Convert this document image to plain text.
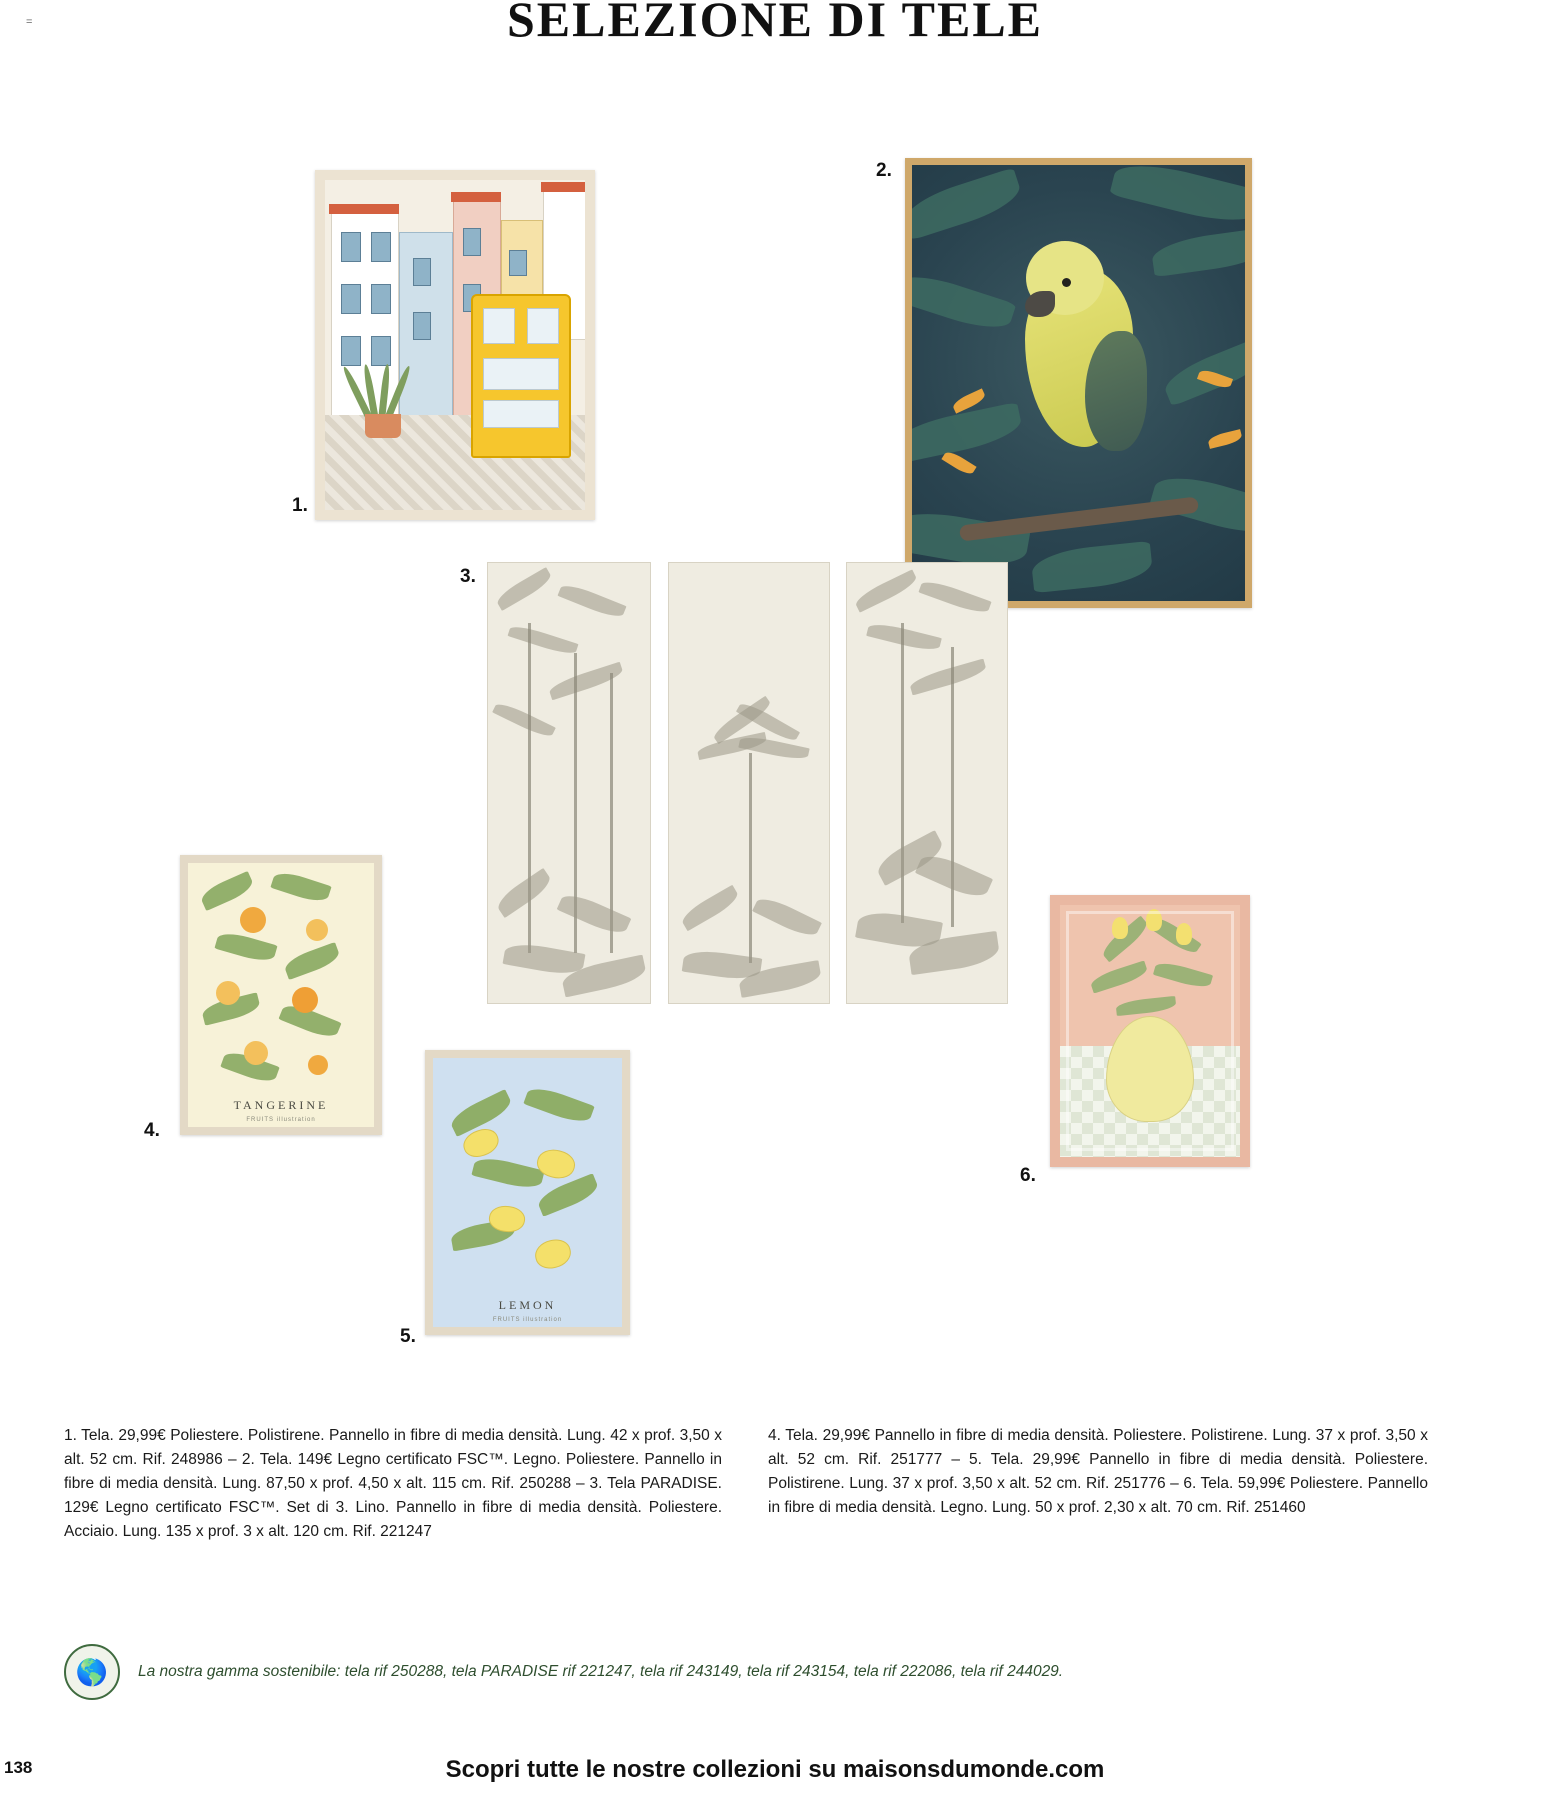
=	SELEZIONE DI TELE
1.
2.
3.
4.
TANGERINE
FRUITS illustration
5.
LEMON
FRUITS illustration
6.
1. Tela. 29,99€ Poliestere. Polistirene. Pannello in fibre di media densità. Lung. 42 x prof. 3,50 x alt. 52 cm. Rif. 248986 – 2. Tela. 149€ Legno certificato FSC™. Legno. Poliestere. Pannello in fibre di media densità. Lung. 87,50 x prof. 4,50 x alt. 115 cm. Rif. 250288 – 3. Tela PARADISE. 129€ Legno certificato FSC™. Set di 3. Lino. Pannello in fibre di media densità. Poliestere. Acciaio. Lung. 135 x prof. 3 x alt. 120 cm. Rif. 221247
4. Tela. 29,99€ Pannello in fibre di media densità. Poliestere. Polistirene. Lung. 37 x prof. 3,50 x alt. 52 cm. Rif. 251777 – 5. Tela. 29,99€ Pannello in fibre di media densità. Poliestere. Polistirene. Lung. 37 x prof. 3,50 x alt. 52 cm. Rif. 251776 – 6. Tela. 59,99€ Poliestere. Pannello in fibre di media densità. Legno. Lung. 50 x prof. 2,30 x alt. 70 cm. Rif. 251460
🌎	La nostra gamma sostenibile: tela rif 250288, tela PARADISE rif 221247, tela rif 243149, tela rif 243154, tela rif 222086, tela rif 244029.
138	Scopri tutte le nostre collezioni su maisonsdumonde.com
